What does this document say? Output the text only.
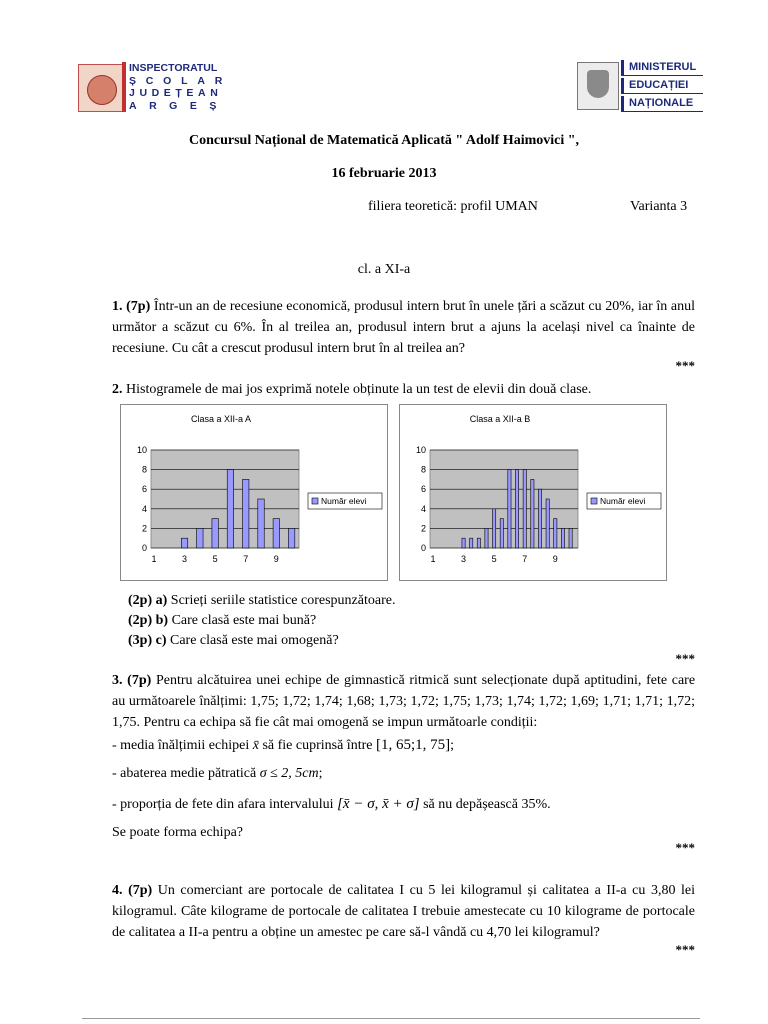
INSPECTORATUL
ȘCOLAR
JUDEȚEAN
ARGEȘ
MINISTERUL
EDUCAȚIEI
NAȚIONALE
Concursul Național de Matematică Aplicată " Adolf Haimovici ",
16 februarie 2013
filiera teoretică: profil UMAN	Varianta 3
cl. a XI-a
1. (7p) Într-un an de recesiune economică, produsul intern brut în unele țări a scăzut cu 20%, iar în anul următor a scăzut cu 6%. În al treilea an, produsul intern brut a ajuns la același nivel ca înainte de recesiune. Cu cât a crescut produsul intern brut în al treilea an?
***
2. Histogramele de mai jos exprimă notele obținute la un test de elevii din două clase.
Clasa a XII-a A
0
2
4
6
8
10
1	3	5	7	9
Număr elevi
Clasa a XII-a B
0
2
4
6
8
10
1	3	5	7	9
Număr elevi
(2p) a) Scrieți seriile statistice corespunzătoare.
(2p) b) Care clasă este mai bună?
(3p) c) Care clasă este mai omogenă?
***
3. (7p) Pentru alcătuirea unei echipe de gimnastică ritmică sunt selecționate după aptitudini, fete care au următoarele înălțimi: 1,75; 1,72; 1,74; 1,68; 1,73; 1,72; 1,75; 1,73; 1,74; 1,72; 1,69; 1,71; 1,71; 1,72; 1,75. Pentru ca echipa să fie cât mai omogenă se impun următoarle condiții:
- media înălțimii echipei x̄ să fie cuprinsă între [1, 65;1, 75];
- abaterea medie pătratică σ ≤ 2, 5cm;
- proporția de fete din afara intervalului [x̄ − σ, x̄ + σ] să nu depășească 35%.
Se poate forma echipa?
***
4. (7p) Un comerciant are portocale de calitatea I cu 5 lei kilogramul și calitatea a II-a cu 3,80 lei kilogramul. Câte kilograme de portocale de calitatea I trebuie amestecate cu 10 kilograme de portocale de calitatea a II-a pentru a obține un amestec pe care să-l vândă cu 4,70 lei kilogramul?
***
